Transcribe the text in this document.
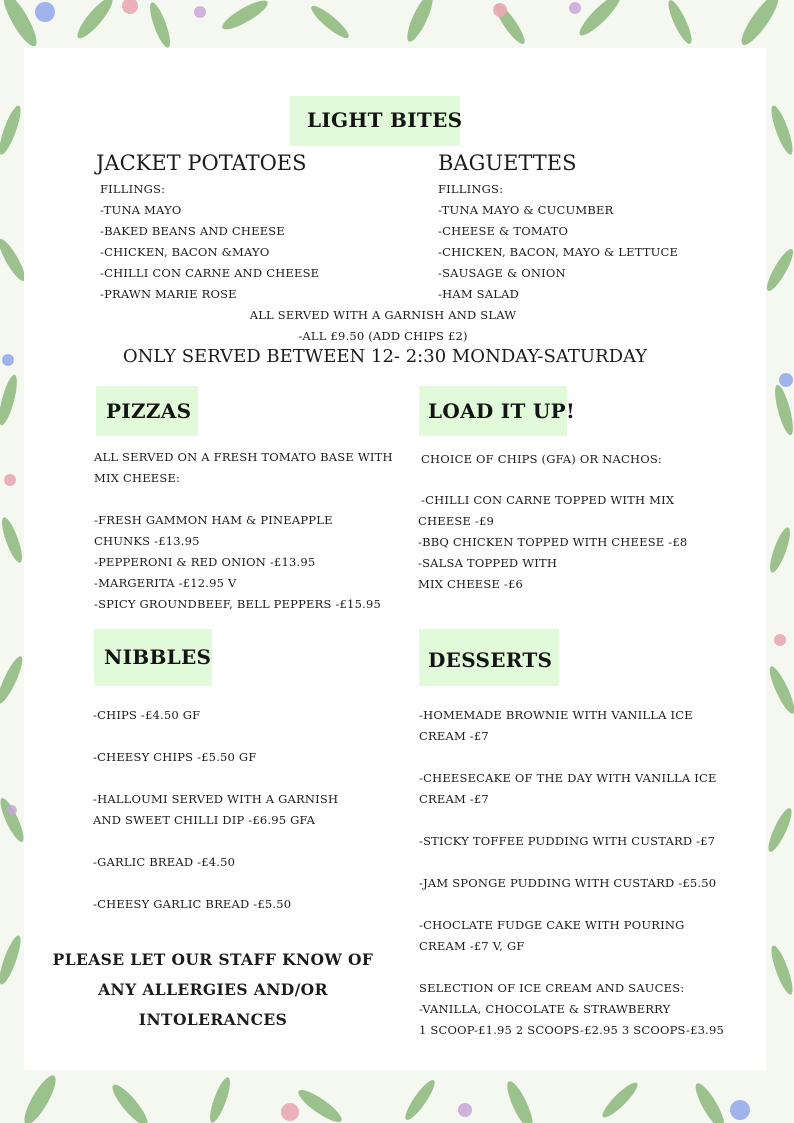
LIGHT BITES
JACKET POTATOES
FILLINGS:
-TUNA MAYO
-BAKED BEANS AND CHEESE
-CHICKEN, BACON &MAYO
-CHILLI CON CARNE AND CHEESE
-PRAWN MARIE ROSE
BAGUETTES
FILLINGS:
-TUNA MAYO & CUCUMBER
-CHEESE & TOMATO
-CHICKEN, BACON, MAYO & LETTUCE
-SAUSAGE & ONION
-HAM SALAD
ALL SERVED WITH A GARNISH AND SLAW
-ALL £9.50 (ADD CHIPS £2)
ONLY SERVED BETWEEN 12- 2:30 MONDAY-SATURDAY
PIZZAS
ALL SERVED ON A FRESH TOMATO BASE WITH
MIX CHEESE:
-FRESH GAMMON HAM & PINEAPPLE
CHUNKS -£13.95
-PEPPERONI & RED ONION -£13.95
-MARGERITA -£12.95 V
-SPICY GROUNDBEEF, BELL PEPPERS -£15.95
LOAD IT UP!
CHOICE OF CHIPS (GFA) OR NACHOS:
-CHILLI CON CARNE TOPPED WITH MIX
CHEESE -£9
-BBQ CHICKEN TOPPED WITH CHEESE -£8
-SALSA TOPPED WITH
MIX CHEESE -£6
NIBBLES
-CHIPS -£4.50 GF
-CHEESY CHIPS -£5.50 GF
-HALLOUMI SERVED WITH A GARNISH
AND SWEET CHILLI DIP -£6.95 GFA
-GARLIC BREAD -£4.50
-CHEESY GARLIC BREAD -£5.50
DESSERTS
-HOMEMADE BROWNIE WITH VANILLA ICE
CREAM -£7
-CHEESECAKE OF THE DAY WITH VANILLA ICE
CREAM -£7
-STICKY TOFFEE PUDDING WITH CUSTARD -£7
-JAM SPONGE PUDDING WITH CUSTARD -£5.50
-CHOCLATE FUDGE CAKE WITH POURING
CREAM -£7 V, GF
SELECTION OF ICE CREAM AND SAUCES:
-VANILLA, CHOCOLATE & STRAWBERRY
1 SCOOP-£1.95 2 SCOOPS-£2.95 3 SCOOPS-£3.95
PLEASE LET OUR STAFF KNOW OF
ANY ALLERGIES AND/OR
INTOLERANCES
